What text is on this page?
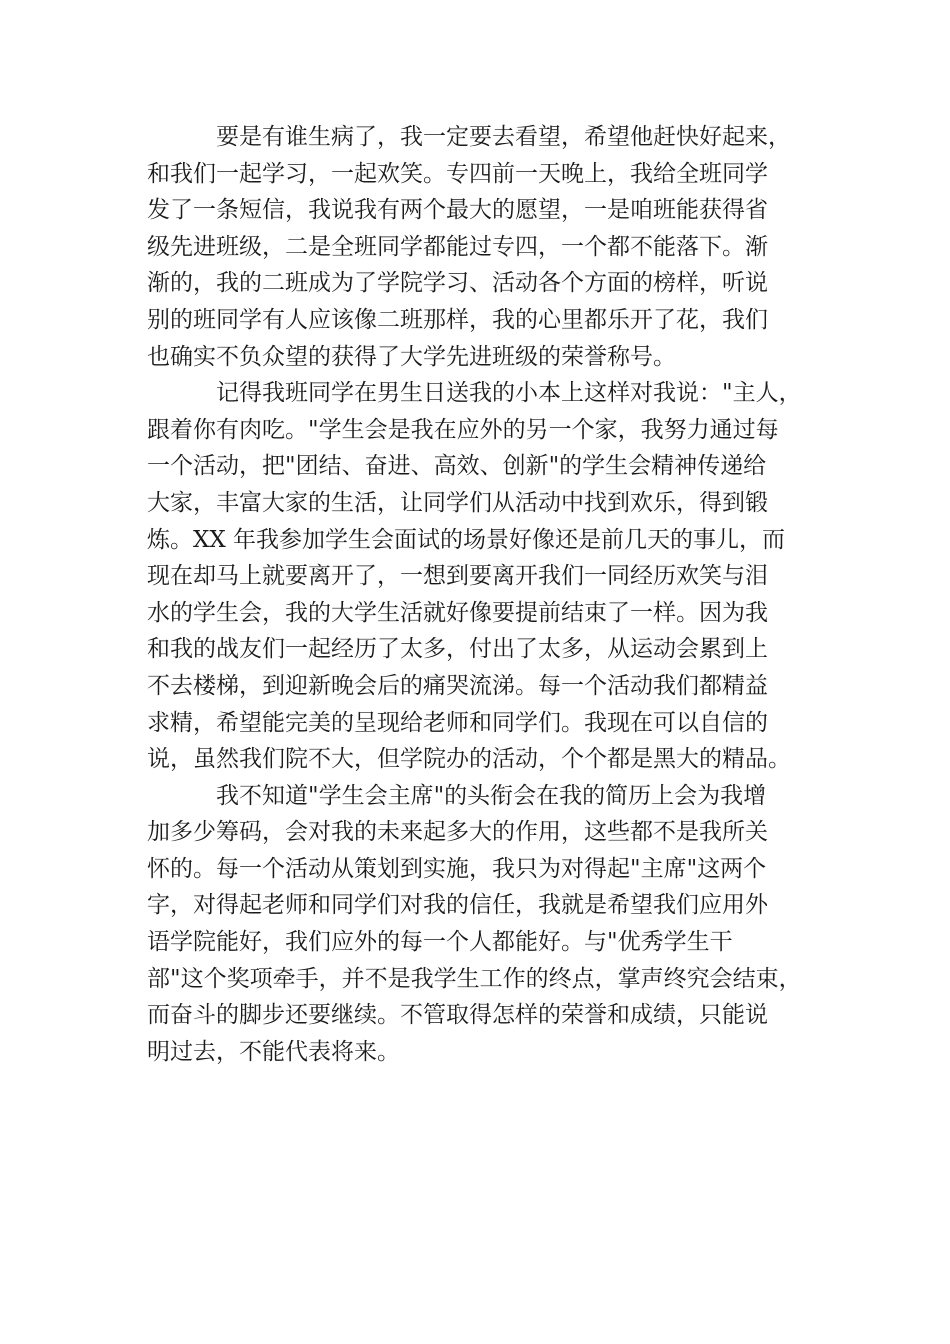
要是有谁生病了，我一定要去看望，希望他赶快好起来，
和我们一起学习，一起欢笑。专四前一天晚上，我给全班同学
发了一条短信，我说我有两个最大的愿望，一是咱班能获得省
级先进班级，二是全班同学都能过专四，一个都不能落下。渐
渐的，我的二班成为了学院学习、活动各个方面的榜样，听说
别的班同学有人应该像二班那样，我的心里都乐开了花，我们
也确实不负众望的获得了大学先进班级的荣誉称号。
记得我班同学在男生日送我的小本上这样对我说："主人，
跟着你有肉吃。"学生会是我在应外的另一个家，我努力通过每
一个活动，把"团结、奋进、高效、创新"的学生会精神传递给
大家，丰富大家的生活，让同学们从活动中找到欢乐，得到锻
炼。XX 年我参加学生会面试的场景好像还是前几天的事儿，而
现在却马上就要离开了，一想到要离开我们一同经历欢笑与泪
水的学生会，我的大学生活就好像要提前结束了一样。因为我
和我的战友们一起经历了太多，付出了太多，从运动会累到上
不去楼梯，到迎新晚会后的痛哭流涕。每一个活动我们都精益
求精，希望能完美的呈现给老师和同学们。我现在可以自信的
说，虽然我们院不大，但学院办的活动，个个都是黑大的精品。
我不知道"学生会主席"的头衔会在我的简历上会为我增
加多少筹码，会对我的未来起多大的作用，这些都不是我所关
怀的。每一个活动从策划到实施，我只为对得起"主席"这两个
字，对得起老师和同学们对我的信任，我就是希望我们应用外
语学院能好，我们应外的每一个人都能好。与"优秀学生干
部"这个奖项牵手，并不是我学生工作的终点，掌声终究会结束，
而奋斗的脚步还要继续。不管取得怎样的荣誉和成绩，只能说
明过去，不能代表将来。
